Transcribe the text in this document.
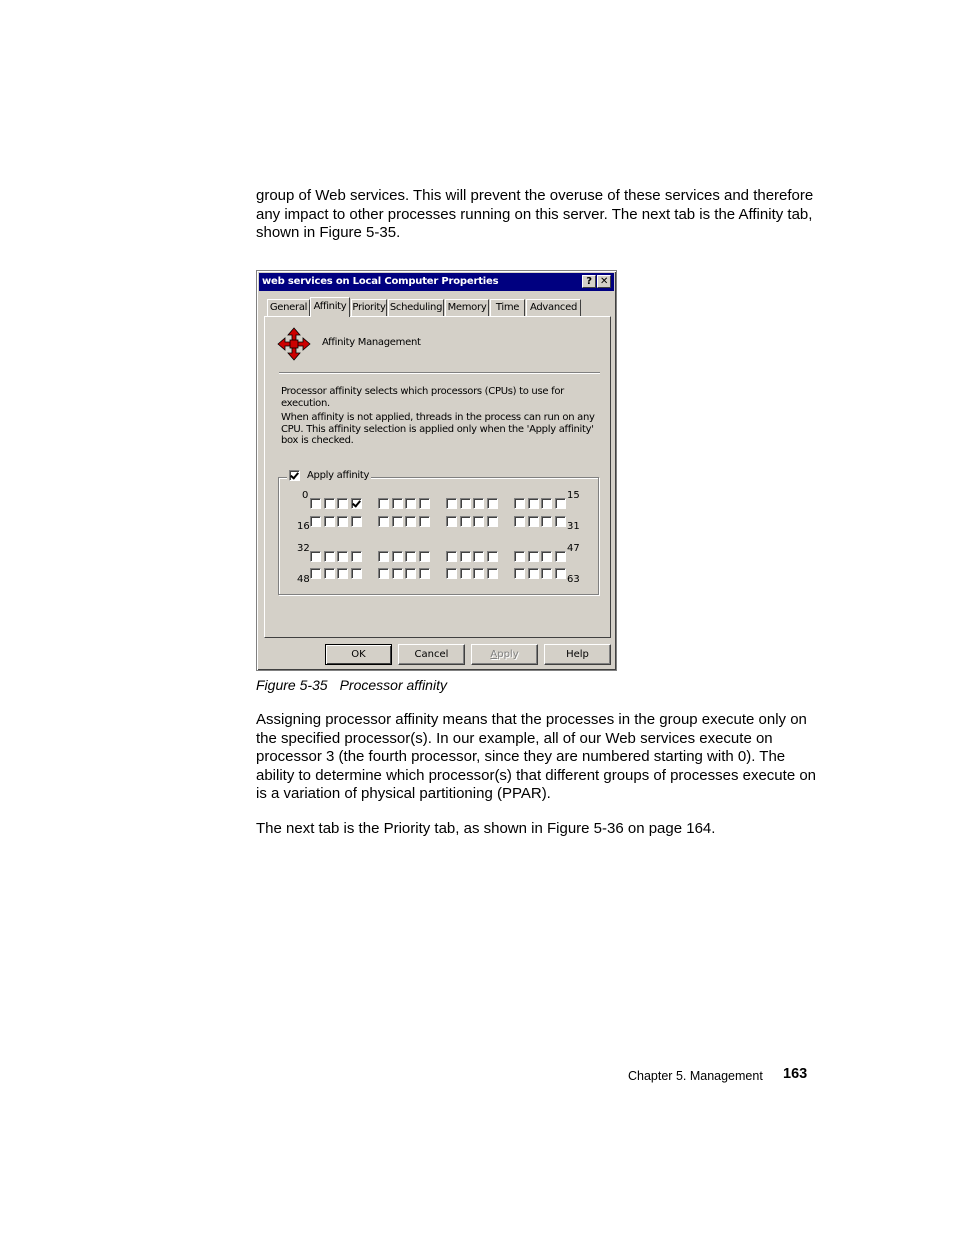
group of Web services. This will prevent the overuse of these services and therefore any impact to other processes running on this server. The next tab is the Affinity tab, shown in Figure 5-35.

web services on Local Computer Properties	? ✕
General Affinity Priority Scheduling Memory Time	Advanced
Affinity Management

Processor affinity selects which processors (CPUs) to use for execution.

When affinity is not applied, threads in the process can run on any CPU. This affinity selection is applied only when the 'Apply affinity' box is checked.

Apply affinity
0	15
16	31
32	47
48	63
OK	Cancel	Apply	Help
Figure 5-35 Processor affinity

Assigning processor affinity means that the processes in the group execute only on the specified processor(s). In our example, all of our Web services execute on processor 3 (the fourth processor, since they are numbered starting with 0). The ability to determine which processor(s) that different groups of processes execute on is a variation of physical partitioning (PPAR).

The next tab is the Priority tab, as shown in Figure 5-36 on page 164.

Chapter 5. Management 163
